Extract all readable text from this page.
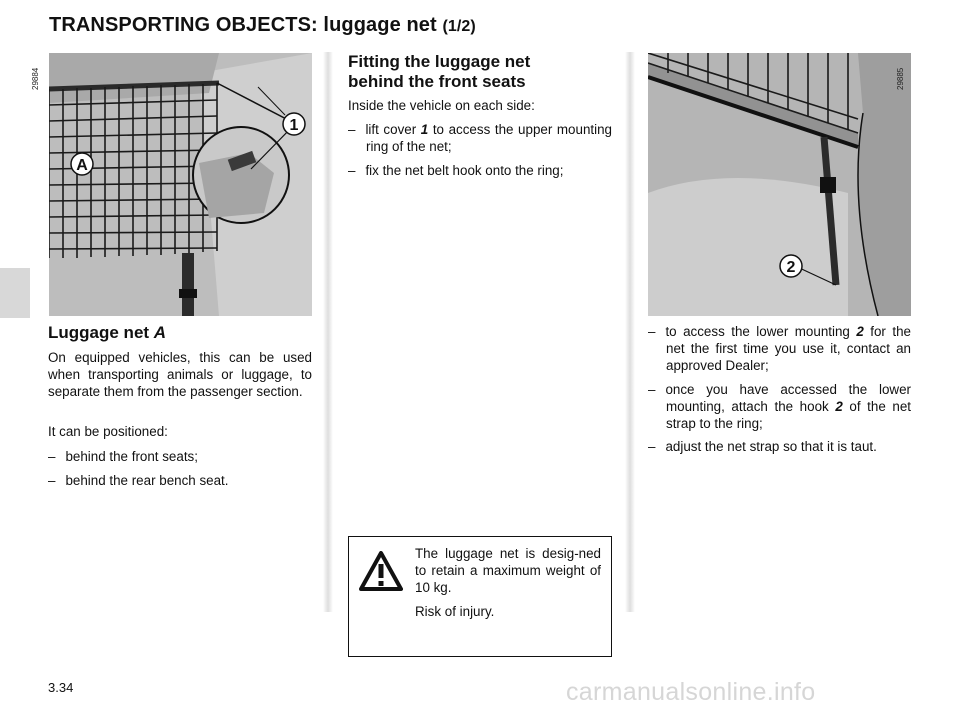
TRANSPORTING OBJECTS: luggage net (1/2)
1
A
29884
2
29885
Luggage net A
On equipped vehicles, this can be used when transporting animals or luggage, to separate them from the passenger section.
It can be positioned:
– behind the front seats;
– behind the rear bench seat.
Fitting the luggage net
behind the front seats
Inside the vehicle on each side:
– lift cover 1 to access the upper mounting ring of the net;
– fix the net belt hook onto the ring;
– to access the lower mounting 2 for the net the first time you use it, contact an approved Dealer;
– once you have accessed the lower mounting, attach the hook 2 of the net strap to the ring;
– adjust the net strap so that it is taut.
The luggage net is desig-ned to retain a maximum weight of 10 kg.
Risk of injury.
3.34	carmanualsonline.info
